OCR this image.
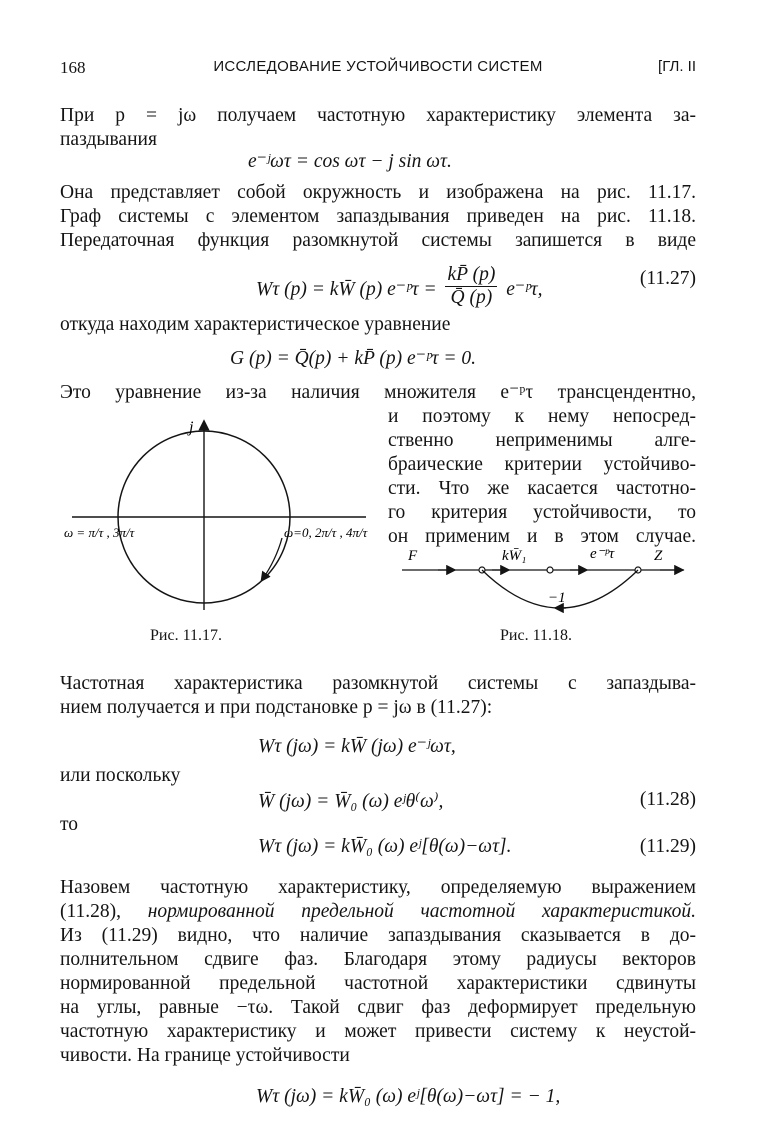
168	ИССЛЕДОВАНИЕ УСТОЙЧИВОСТИ СИСТЕМ	[ГЛ. II
При p = jω получаем частотную характеристику элемента за-
паздывания
e⁻ʲωτ = cos ωτ − j sin ωτ.
Она представляет собой окружность и изображена на рис. 11.17.
Граф системы с элементом запаздывания приведен на рис. 11.18.
Передаточная функция разомкнутой системы запишется в виде
Wτ (p) = kW̄ (p) e⁻ᵖτ = $\frac{kP̄ (p)}{Q̄ (p)}$ e⁻ᵖτ,
(11.27)
откуда находим характеристическое уравнение
G (p) = Q̄(p) + kP̄ (p) e⁻ᵖτ = 0.
Это уравнение из-за наличия множителя e⁻ᵖτ трансцендентно,
и поэтому к нему непосред-
ственно неприменимы алге-
браические критерии устойчиво-
сти. Что же касается частотно-
го критерия устойчивости, то
он применим и в этом случае.
j
ω = π/τ , 3π/τ	ω=0, 2π/τ , 4π/τ
Рис. 11.17.
F	kW̄₁	e⁻ᵖτ	Z
−1
Рис. 11.18.
Частотная характеристика разомкнутой системы с запаздыва-
нием получается и при подстановке p = jω в (11.27):
Wτ (jω) = kW̄ (jω) e⁻ʲωτ,
или поскольку
W̄ (jω) = W̄₀ (ω) eʲθ⁽ω⁾,	(11.28)
то
Wτ (jω) = kW̄₀ (ω) eʲ[θ(ω)−ωτ].	(11.29)
Назовем частотную характеристику, определяемую выражением
(11.28), нормированной предельной частотной характеристикой.
Из (11.29) видно, что наличие запаздывания сказывается в до-
полнительном сдвиге фаз. Благодаря этому радиусы векторов
нормированной предельной частотной характеристики сдвинуты
на углы, равные −τω. Такой сдвиг фаз деформирует предельную
частотную характеристику и может привести систему к неустой-
чивости. На границе устойчивости
Wτ (jω) = kW̄₀ (ω) eʲ[θ(ω)−ωτ] = − 1,
